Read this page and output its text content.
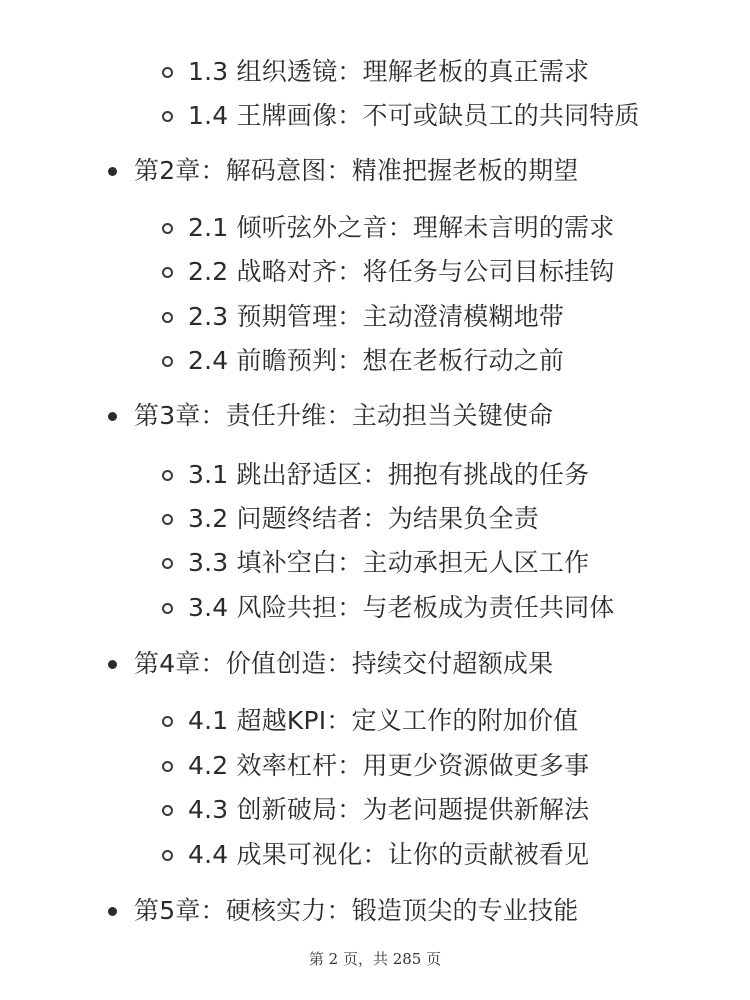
1.3 组织透镜：理解老板的真正需求
1.4 王牌画像：不可或缺员工的共同特质
第2章：解码意图：精准把握老板的期望
2.1 倾听弦外之音：理解未言明的需求
2.2 战略对齐：将任务与公司目标挂钩
2.3 预期管理：主动澄清模糊地带
2.4 前瞻预判：想在老板行动之前
第3章：责任升维：主动担当关键使命
3.1 跳出舒适区：拥抱有挑战的任务
3.2 问题终结者：为结果负全责
3.3 填补空白：主动承担无人区工作
3.4 风险共担：与老板成为责任共同体
第4章：价值创造：持续交付超额成果
4.1 超越KPI：定义工作的附加价值
4.2 效率杠杆：用更少资源做更多事
4.3 创新破局：为老问题提供新解法
4.4 成果可视化：让你的贡献被看见
第5章：硬核实力：锻造顶尖的专业技能
第 2 页，共 285 页
